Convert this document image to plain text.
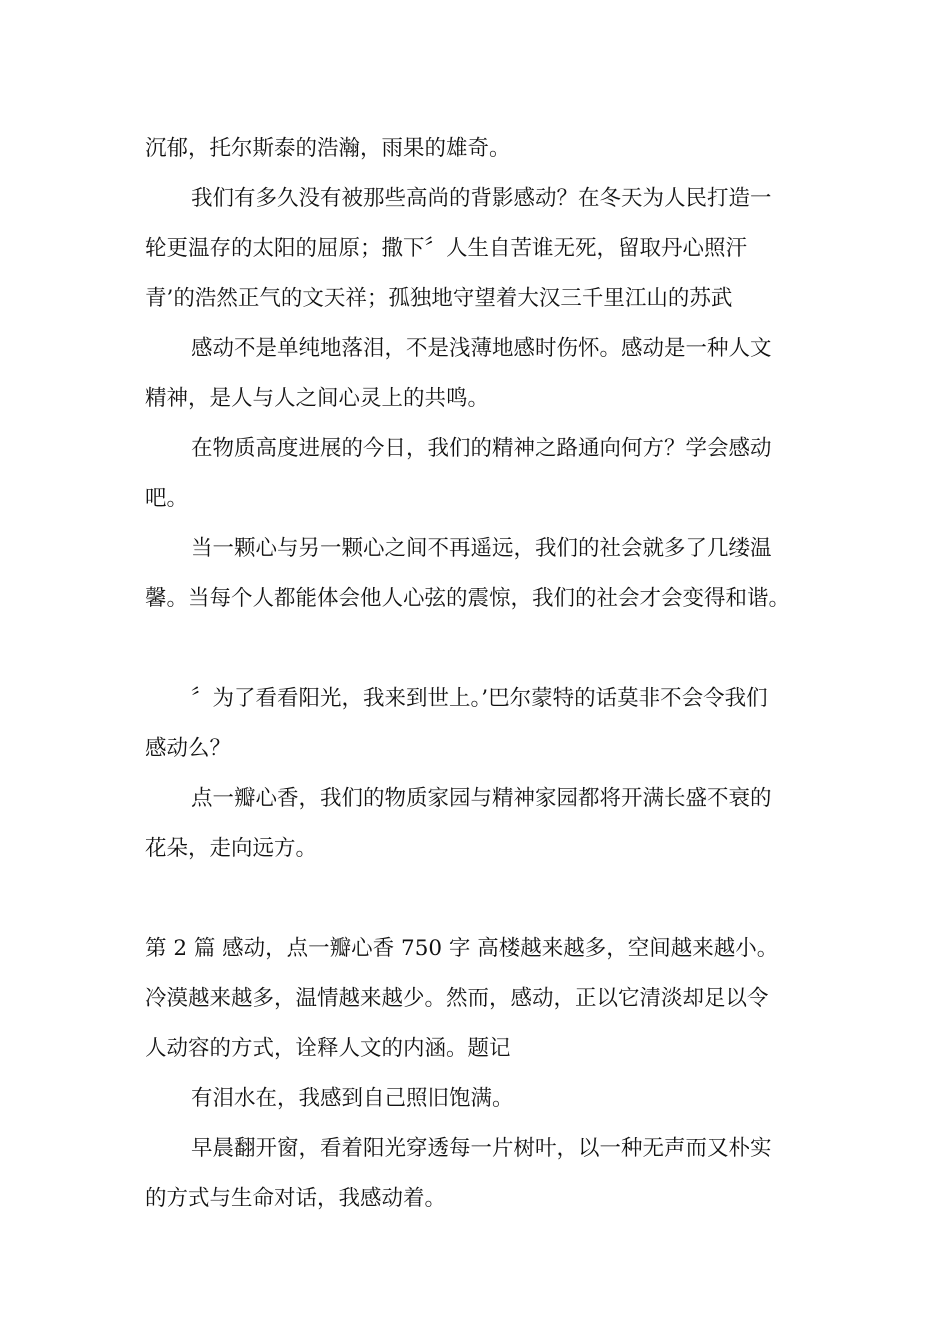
沉郁，托尔斯泰的浩瀚，雨果的雄奇。
我们有多久没有被那些高尚的背影感动？在冬天为人民打造一
轮更温存的太阳的屈原；撒下〞人生自苦谁无死，留取丹心照汗
青’的浩然正气的文天祥；孤独地守望着大汉三千里江山的苏武
感动不是单纯地落泪，不是浅薄地感时伤怀。感动是一种人文
精神，是人与人之间心灵上的共鸣。
在物质高度进展的今日，我们的精神之路通向何方？学会感动
吧。
当一颗心与另一颗心之间不再遥远，我们的社会就多了几缕温
馨。当每个人都能体会他人心弦的震惊，我们的社会才会变得和谐。
〞为了看看阳光，我来到世上。’巴尔蒙特的话莫非不会令我们
感动么？
点一瓣心香，我们的物质家园与精神家园都将开满长盛不衰的
花朵，走向远方。
第 2 篇 感动，点一瓣心香 750 字 高楼越来越多，空间越来越小。
冷漠越来越多，温情越来越少。然而，感动，正以它清淡却足以令
人动容的方式，诠释人文的内涵。题记
有泪水在，我感到自己照旧饱满。
早晨翻开窗，看着阳光穿透每一片树叶，以一种无声而又朴实
的方式与生命对话，我感动着。
